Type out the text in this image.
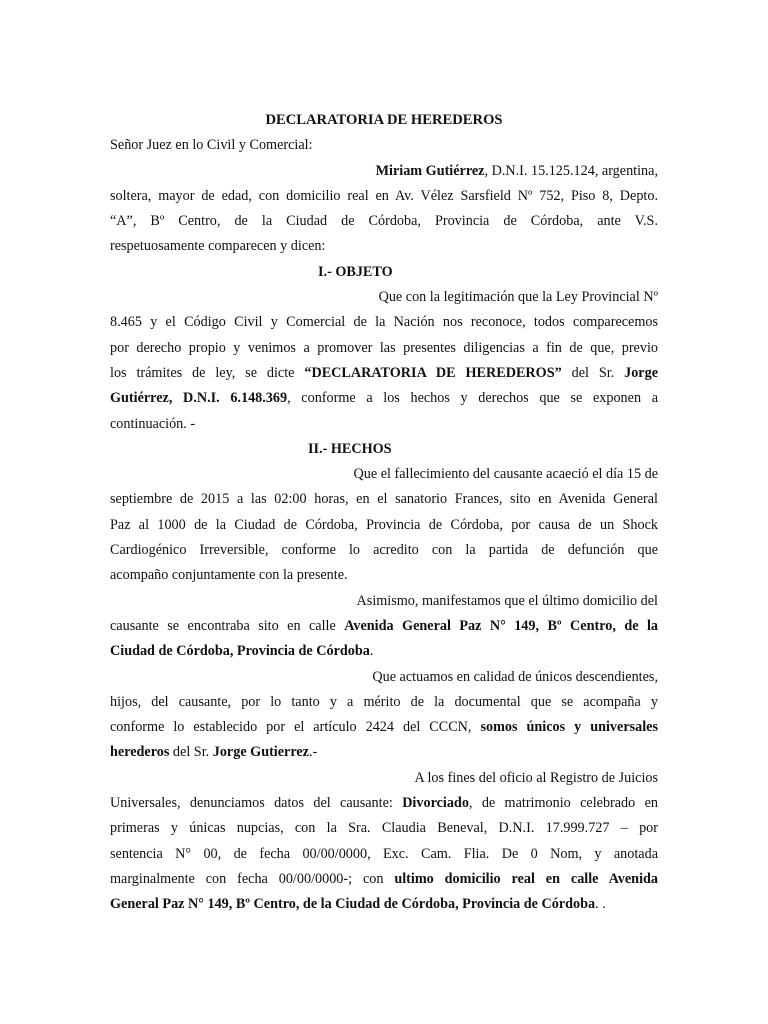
DECLARATORIA DE HEREDEROS
Señor Juez en lo Civil y Comercial:
Miriam Gutiérrez, D.N.I. 15.125.124, argentina,
soltera, mayor de edad, con domicilio real en Av. Vélez Sarsfield Nº 752, Piso 8, Depto.
“A”, Bº Centro, de la Ciudad de Córdoba, Provincia de Córdoba, ante V.S.
respetuosamente comparecen y dicen:
I.- OBJETO
Que con la legitimación que la Ley Provincial Nº
8.465 y el Código Civil y Comercial de la Nación nos reconoce, todos comparecemos
por derecho propio y venimos a promover las presentes diligencias a fin de que, previo
los trámites de ley, se dicte “DECLARATORIA DE HEREDEROS” del Sr. Jorge
Gutiérrez, D.N.I. 6.148.369, conforme a los hechos y derechos que se exponen a
continuación. -
II.- HECHOS
Que el fallecimiento del causante acaeció el día 15 de
septiembre de 2015 a las 02:00 horas, en el sanatorio Frances, sito en Avenida General
Paz al 1000 de la Ciudad de Córdoba, Provincia de Córdoba, por causa de un Shock
Cardiogénico Irreversible, conforme lo acredito con la partida de defunción que
acompaño conjuntamente con la presente.
Asimismo, manifestamos que el último domicilio del
causante se encontraba sito en calle Avenida General Paz N° 149, Bº Centro, de la
Ciudad de Córdoba, Provincia de Córdoba.
Que actuamos en calidad de únicos descendientes,
hijos, del causante, por lo tanto y a mérito de la documental que se acompaña y
conforme lo establecido por el artículo 2424 del CCCN, somos únicos y universales
herederos del Sr. Jorge Gutierrez.-
A los fines del oficio al Registro de Juicios
Universales, denunciamos datos del causante: Divorciado, de matrimonio celebrado en
primeras y únicas nupcias, con la Sra. Claudia Beneval, D.N.I. 17.999.727 – por
sentencia N° 00, de fecha 00/00/0000, Exc. Cam. Flia. De 0 Nom, y anotada
marginalmente con fecha 00/00/0000-; con ultimo domicilio real en calle Avenida
General Paz N° 149, Bº Centro, de la Ciudad de Córdoba, Provincia de Córdoba. .
